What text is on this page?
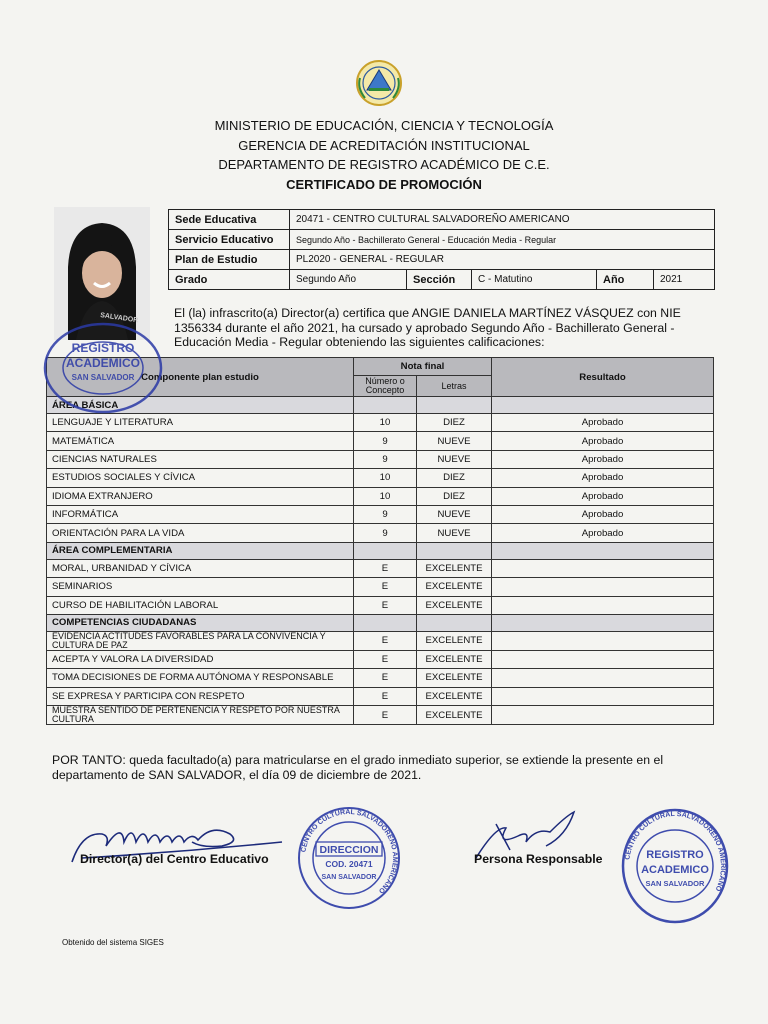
MINISTERIO DE EDUCACIÓN, CIENCIA Y TECNOLOGÍA
GERENCIA DE ACREDITACIÓN INSTITUCIONAL
DEPARTAMENTO DE REGISTRO ACADÉMICO DE C.E.
CERTIFICADO DE PROMOCIÓN
SALVADOR
Sede Educativa	20471 - CENTRO CULTURAL SALVADOREÑO AMERICANO				
Servicio Educativo	Segundo Año - Bachillerato General - Educación Media - Regular				
Plan de Estudio	PL2020 - GENERAL - REGULAR				
Grado	Segundo Año	Sección	C - Matutino	Año	2021
El (la) infrascrito(a) Director(a) certifica que ANGIE DANIELA MARTÍNEZ VÁSQUEZ con NIE 1356334 durante el año 2021, ha cursado y aprobado Segundo Año - Bachillerato General - Educación Media - Regular obteniendo las siguientes calificaciones:
Componente plan estudio	Nota final		Resultado
	Número o Concepto	Letras	
ÁREA BÁSICA			
LENGUAJE Y LITERATURA	10	DIEZ	Aprobado
MATEMÁTICA	9	NUEVE	Aprobado
CIENCIAS NATURALES	9	NUEVE	Aprobado
ESTUDIOS SOCIALES Y CÍVICA	10	DIEZ	Aprobado
IDIOMA EXTRANJERO	10	DIEZ	Aprobado
INFORMÁTICA	9	NUEVE	Aprobado
ORIENTACIÓN PARA LA VIDA	9	NUEVE	Aprobado
ÁREA COMPLEMENTARIA			
MORAL, URBANIDAD Y CÍVICA	E	EXCELENTE	
SEMINARIOS	E	EXCELENTE	
CURSO DE HABILITACIÓN LABORAL	E	EXCELENTE	
COMPETENCIAS CIUDADANAS			
EVIDENCIA ACTITUDES FAVORABLES PARA LA CONVIVENCIA Y CULTURA DE PAZ	E	EXCELENTE	
ACEPTA Y VALORA LA DIVERSIDAD	E	EXCELENTE	
TOMA DECISIONES DE FORMA AUTÓNOMA Y RESPONSABLE	E	EXCELENTE	
SE EXPRESA Y PARTICIPA CON RESPETO	E	EXCELENTE	
MUESTRA SENTIDO DE PERTENENCIA Y RESPETO POR NUESTRA CULTURA	E	EXCELENTE	
POR TANTO: queda facultado(a) para matricularse en el grado inmediato superior, se extiende la presente en el departamento de SAN SALVADOR, el día 09 de diciembre de 2021.
Director(a) del Centro Educativo	Persona Responsable
REGISTRO
ACADEMICO
SAN SALVADOR
CENTRO CULTURAL SALVADOREÑO AMERICANO
DIRECCION
COD. 20471
SAN SALVADOR
CENTRO CULTURAL SALVADOREÑO AMERICANO
REGISTRO
ACADEMICO
SAN SALVADOR
Obtenido del sistema SIGES
